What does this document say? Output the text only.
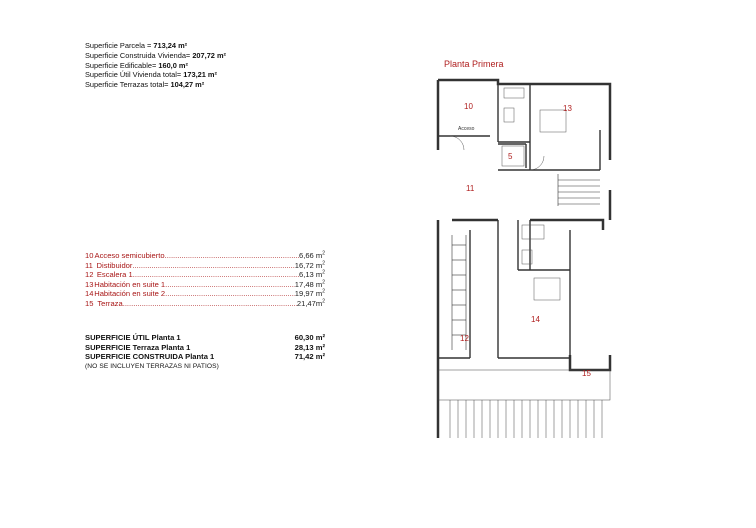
Superficie Parcela = 713,24 m²
Superficie Construida Vivienda= 207,72 m²
Superficie Edificable= 160,0 m²
Superficie Útil Vivienda total= 173,21 m²
Superficie Terrazas total= 104,27 m²
10 Acceso semicubierto .....	6,66 $m^2$
11 Distibuidor .....	16,72 $m^2$
12 Escalera 1 .....	6,13 $m^2$
13 Habitación en suite 1 .....	17,48 $m^2$
14 Habitación en suite 2 .....	19,97 $m^2$
15 Terraza .....	$21,47m^2$
SUPERFICIE ÚTIL Planta 1	60,30 m²
SUPERFICIE Terraza Planta 1	28,13 m²
SUPERFICIE CONSTRUIDA Planta 1	71,42 m²
(NO SE INCLUYEN TERRAZAS NI PATIOS)
Planta Primera
Acceso
10	13
5
11
14
12
15
